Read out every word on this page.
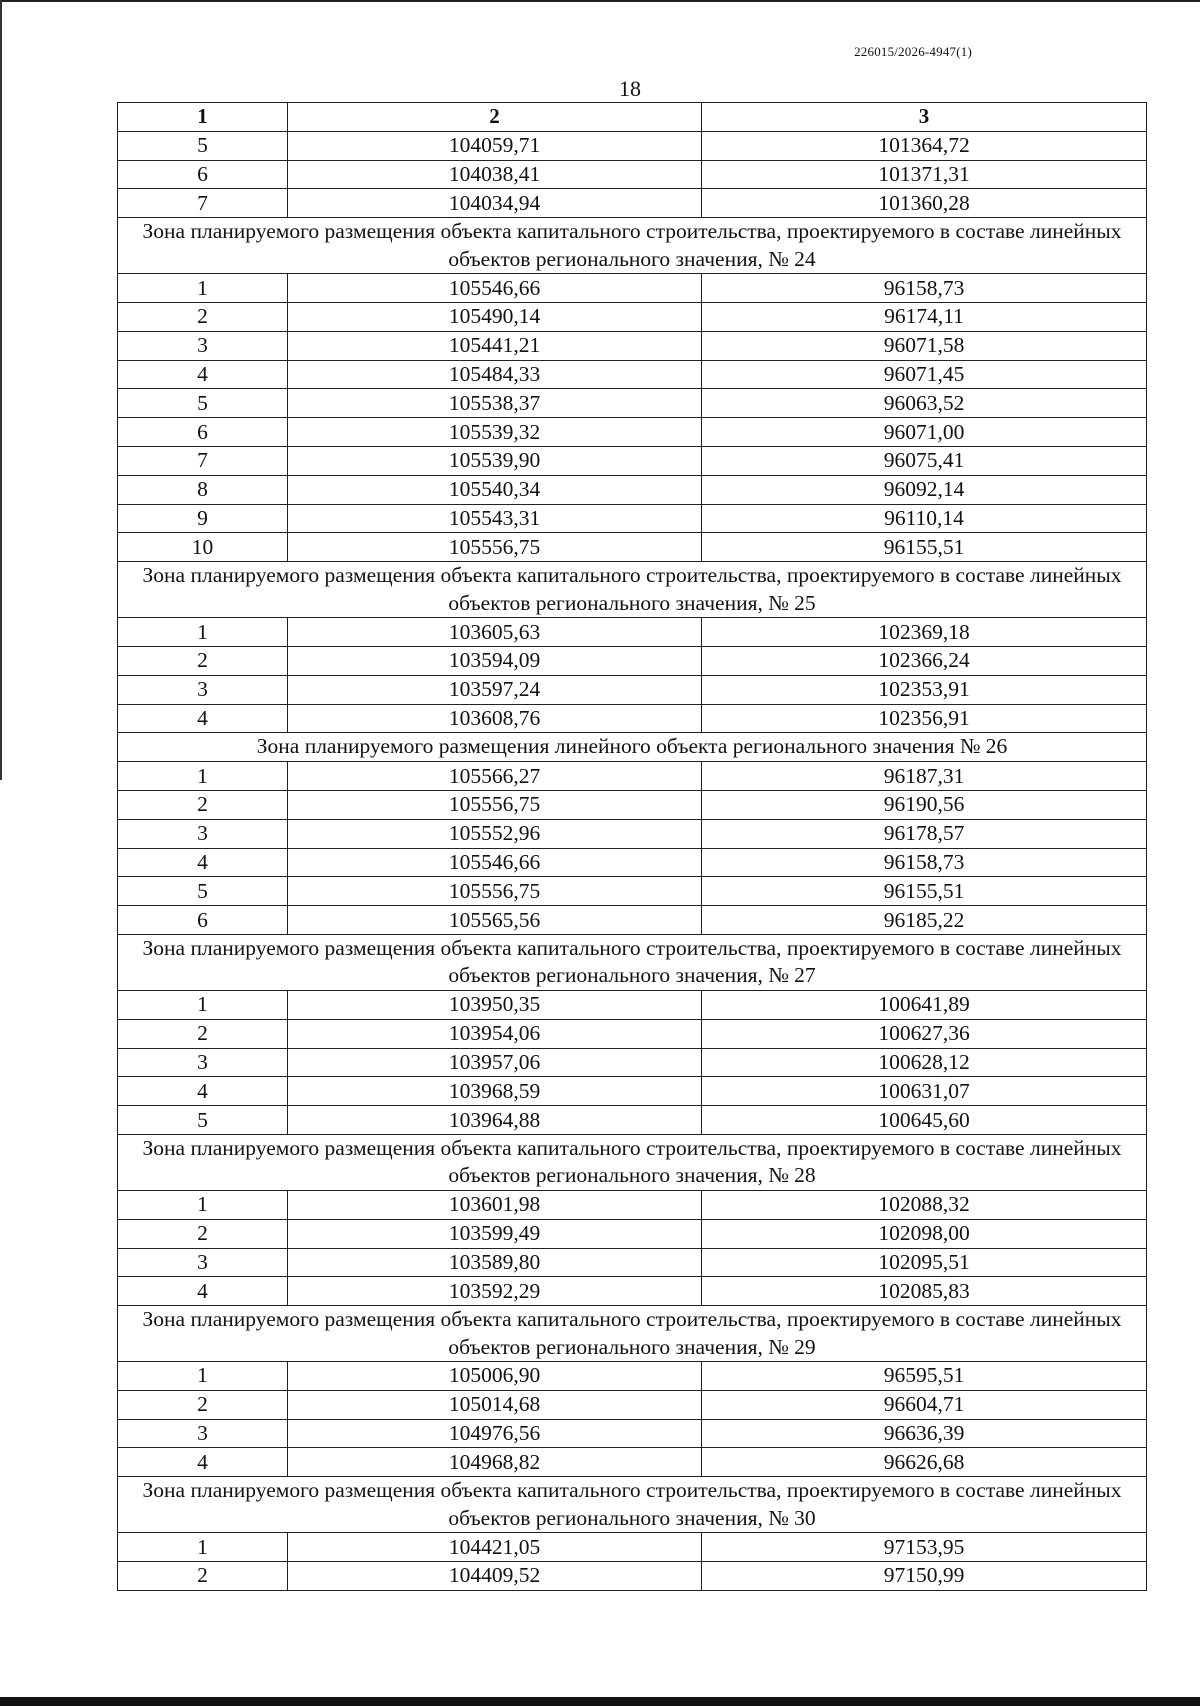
226015/2026-4947(1)
18
1	2	3
5	104059,71	101364,72
6	104038,41	101371,31
7	104034,94	101360,28
Зона планируемого размещения объекта капитального строительства, проектируемого в составе линейных объектов регионального значения, № 24		
1	105546,66	96158,73
2	105490,14	96174,11
3	105441,21	96071,58
4	105484,33	96071,45
5	105538,37	96063,52
6	105539,32	96071,00
7	105539,90	96075,41
8	105540,34	96092,14
9	105543,31	96110,14
10	105556,75	96155,51
Зона планируемого размещения объекта капитального строительства, проектируемого в составе линейных объектов регионального значения, № 25		
1	103605,63	102369,18
2	103594,09	102366,24
3	103597,24	102353,91
4	103608,76	102356,91
Зона планируемого размещения линейного объекта регионального значения № 26		
1	105566,27	96187,31
2	105556,75	96190,56
3	105552,96	96178,57
4	105546,66	96158,73
5	105556,75	96155,51
6	105565,56	96185,22
Зона планируемого размещения объекта капитального строительства, проектируемого в составе линейных объектов регионального значения, № 27		
1	103950,35	100641,89
2	103954,06	100627,36
3	103957,06	100628,12
4	103968,59	100631,07
5	103964,88	100645,60
Зона планируемого размещения объекта капитального строительства, проектируемого в составе линейных объектов регионального значения, № 28		
1	103601,98	102088,32
2	103599,49	102098,00
3	103589,80	102095,51
4	103592,29	102085,83
Зона планируемого размещения объекта капитального строительства, проектируемого в составе линейных объектов регионального значения, № 29		
1	105006,90	96595,51
2	105014,68	96604,71
3	104976,56	96636,39
4	104968,82	96626,68
Зона планируемого размещения объекта капитального строительства, проектируемого в составе линейных объектов регионального значения, № 30		
1	104421,05	97153,95
2	104409,52	97150,99
